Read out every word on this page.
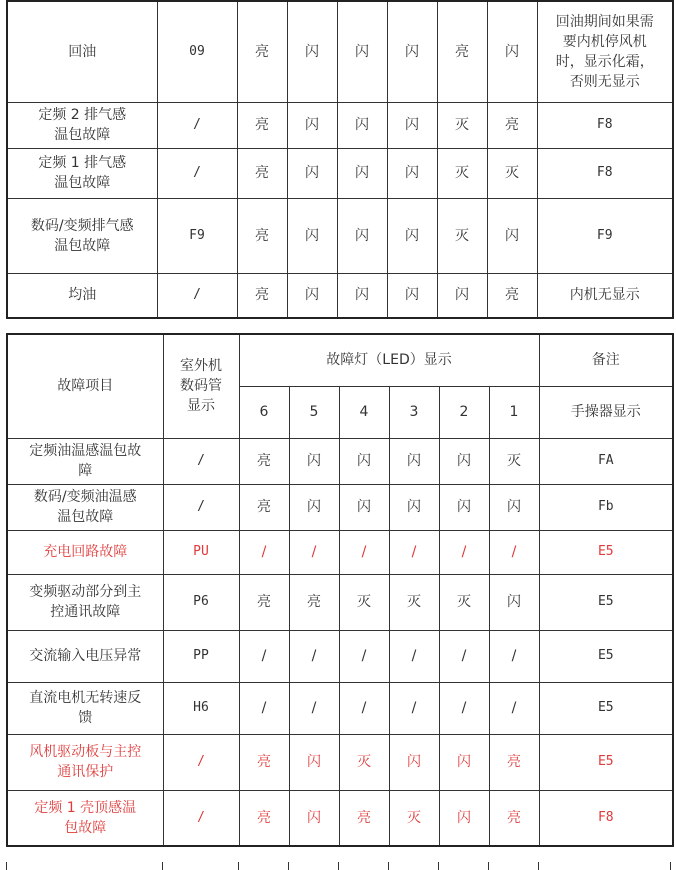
回油	09	亮	闪	闪	闪	亮	闪	回油期间如果需要内机停风机时，显示化霜，否则无显示
定频 2 排气感温包故障	/	亮	闪	闪	闪	灭	亮	F8
定频 1 排气感温包故障	/	亮	闪	闪	闪	灭	灭	F8
数码/变频排气感温包故障	F9	亮	闪	闪	闪	灭	闪	F9
均油	/	亮	闪	闪	闪	闪	亮	内机无显示
故障项目	室外机数码管显示	故障灯（LED）显示						备注
		6	5	4	3	2	1	手操器显示
定频油温感温包故障	/	亮	闪	闪	闪	闪	灭	FA
数码/变频油温感温包故障	/	亮	闪	闪	闪	闪	闪	Fb
充电回路故障	PU	/	/	/	/	/	/	E5
变频驱动部分到主控通讯故障	P6	亮	亮	灭	灭	灭	闪	E5
交流输入电压异常	PP	/	/	/	/	/	/	E5
直流电机无转速反馈	H6	/	/	/	/	/	/	E5
风机驱动板与主控通讯保护	/	亮	闪	灭	闪	闪	亮	E5
定频 1 壳顶感温包故障	/	亮	闪	亮	灭	闪	亮	F8
